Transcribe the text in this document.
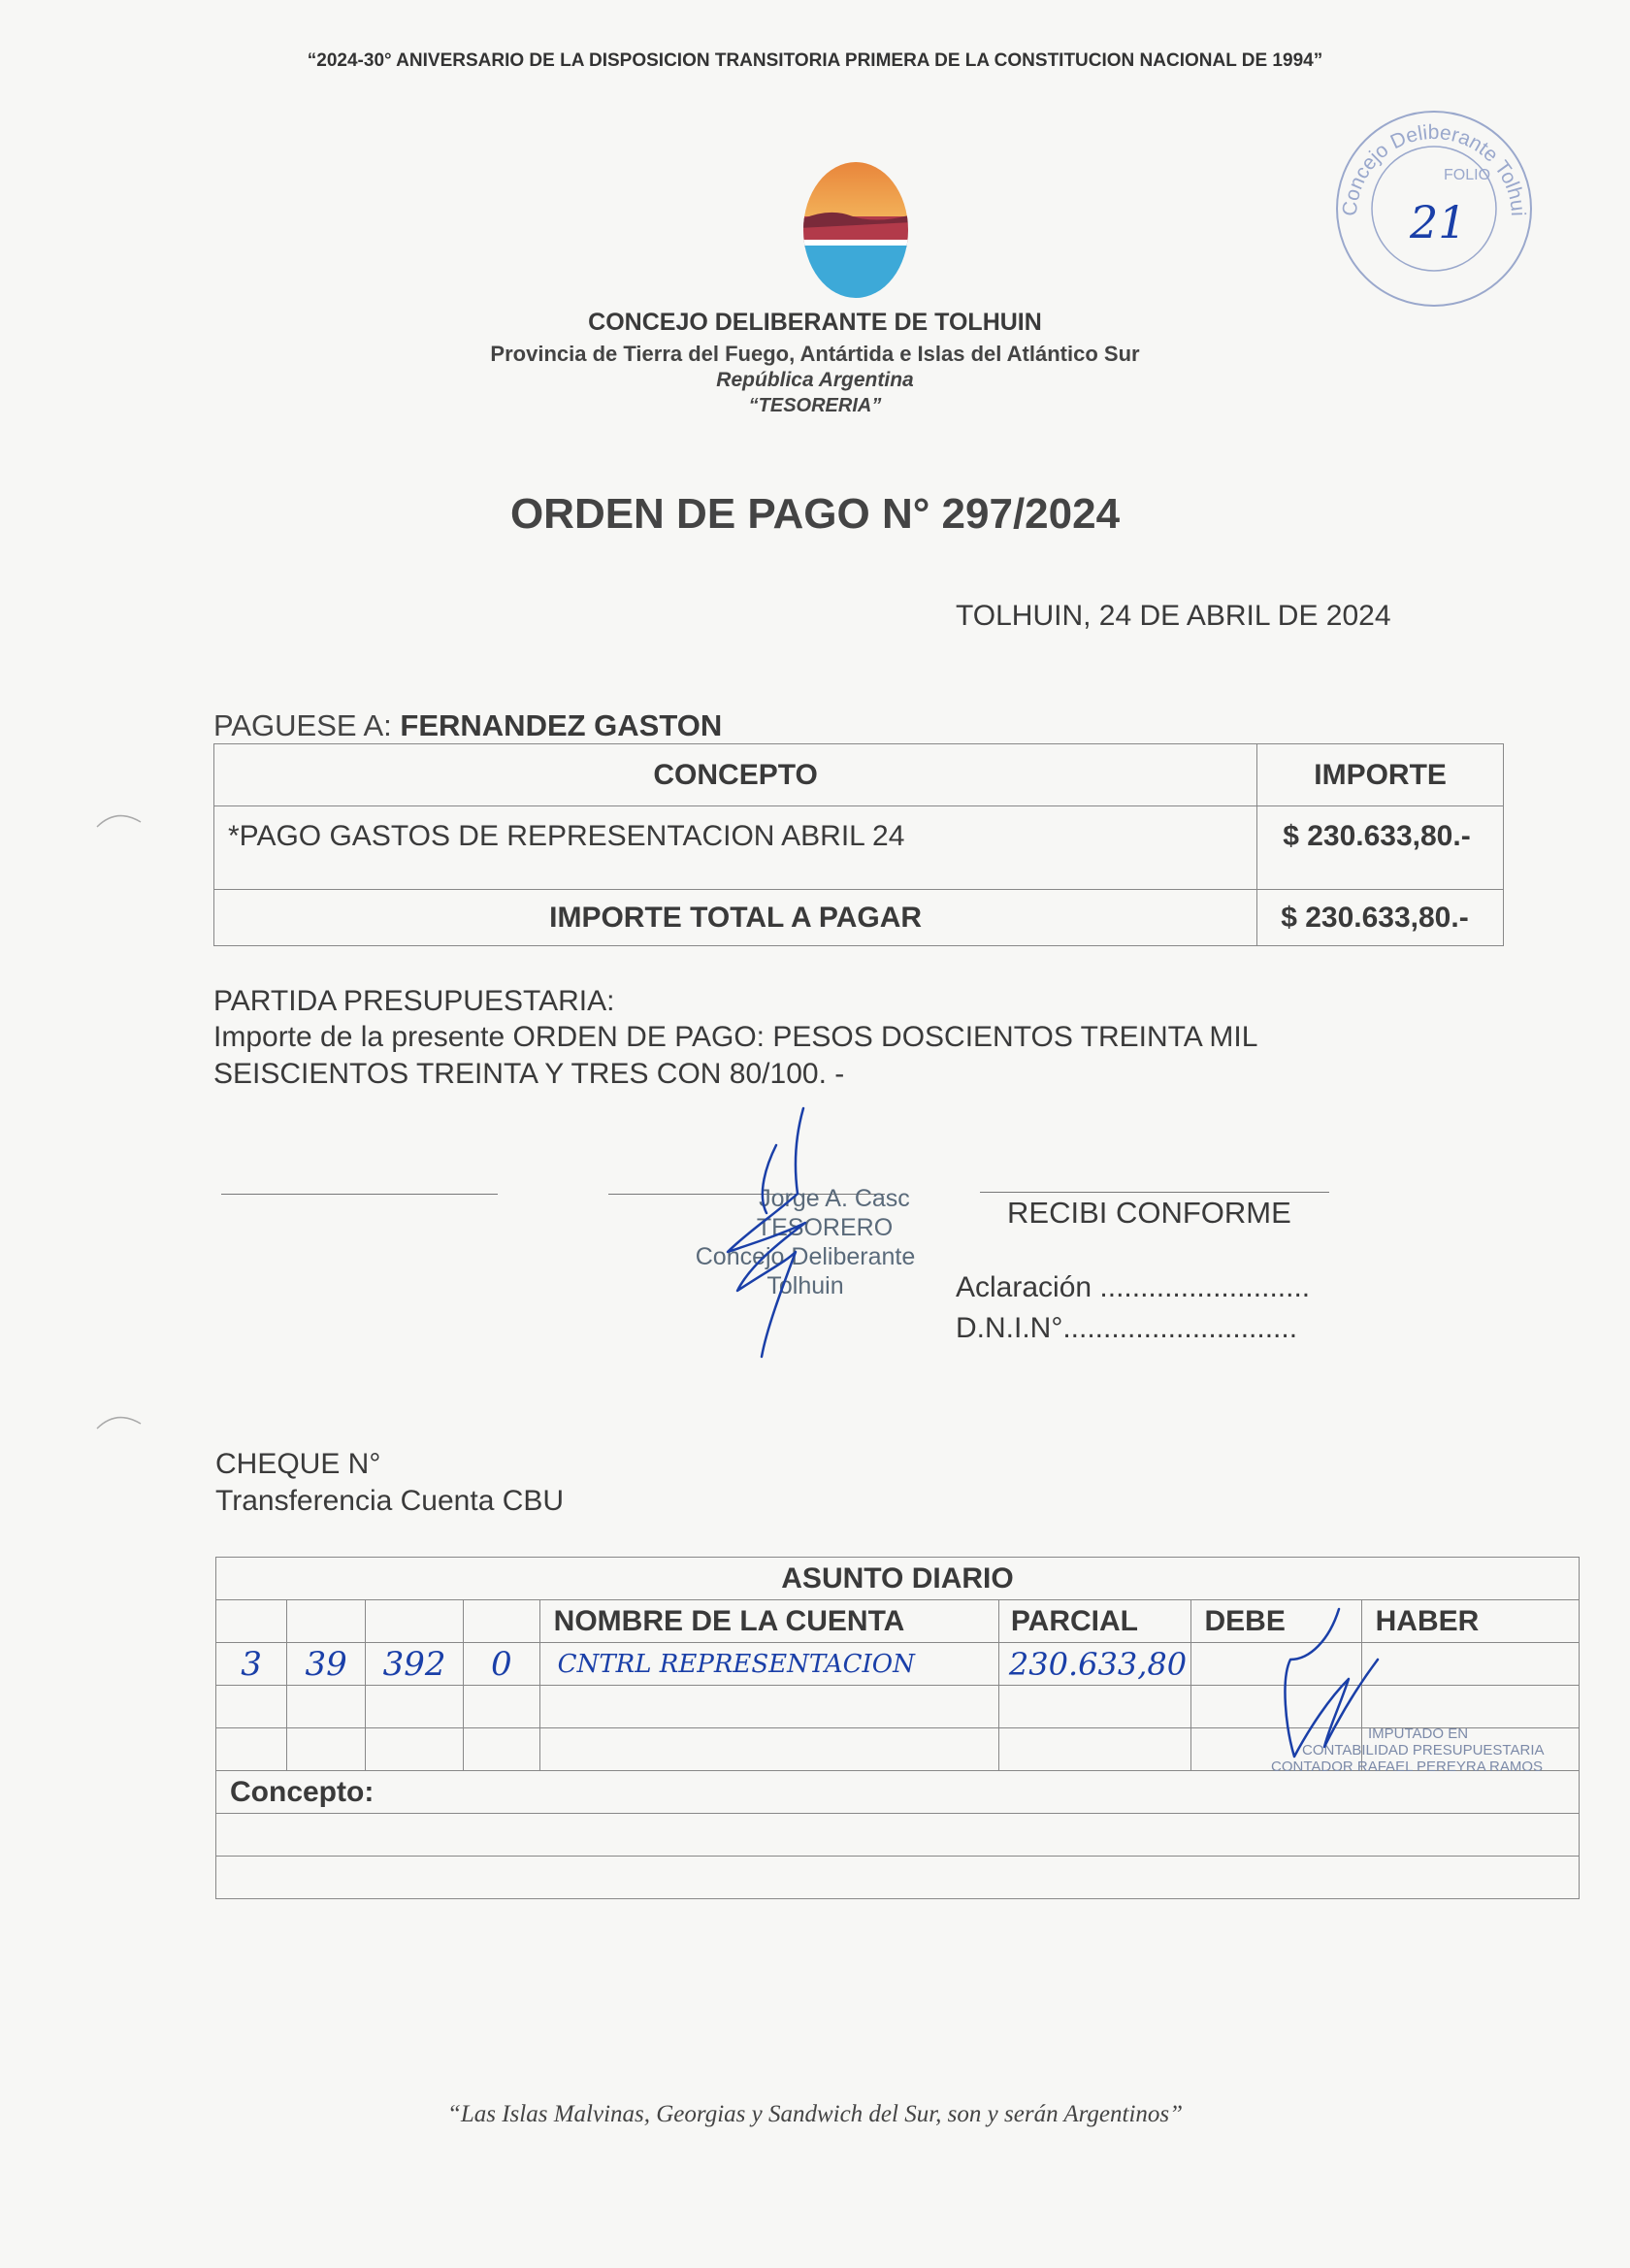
“2024-30° ANIVERSARIO DE LA DISPOSICION TRANSITORIA PRIMERA DE LA CONSTITUCION NACIONAL DE 1994”
Concejo Deliberante Tolhui
FOLIO
21
CONCEJO DELIBERANTE DE TOLHUIN
Provincia de Tierra del Fuego, Antártida e Islas del Atlántico Sur
República Argentina
“TESORERIA”
ORDEN DE PAGO N° 297/2024
TOLHUIN, 24 DE ABRIL DE 2024
PAGUESE A: FERNANDEZ GASTON
CONCEPTO	IMPORTE
*PAGO GASTOS DE REPRESENTACION ABRIL 24	$ 230.633,80.-
IMPORTE TOTAL A PAGAR	$ 230.633,80.-
PARTIDA PRESUPUESTARIA:
Importe de la presente ORDEN DE PAGO: PESOS DOSCIENTOS TREINTA MIL
SEISCIENTOS TREINTA Y TRES CON 80/100. -
Jorge A. Casc
TESORERO
Concejo Deliberante Tolhuin
RECIBI CONFORME
Aclaración ..........................
D.N.I.N°.............................
CHEQUE N°
Transferencia Cuenta CBU
ASUNTO DIARIO							
				NOMBRE DE LA CUENTA	PARCIAL	DEBE	HABER
3	39	392	0	CNTRL REPRESENTACION	230.633,80		

Concepto:							

IMPUTADO EN
CONTABILIDAD PRESUPUESTARIA
CONTADOR RAFAEL PEREYRA RAMOS
“Las Islas Malvinas, Georgias y Sandwich del Sur, son y serán Argentinos”
